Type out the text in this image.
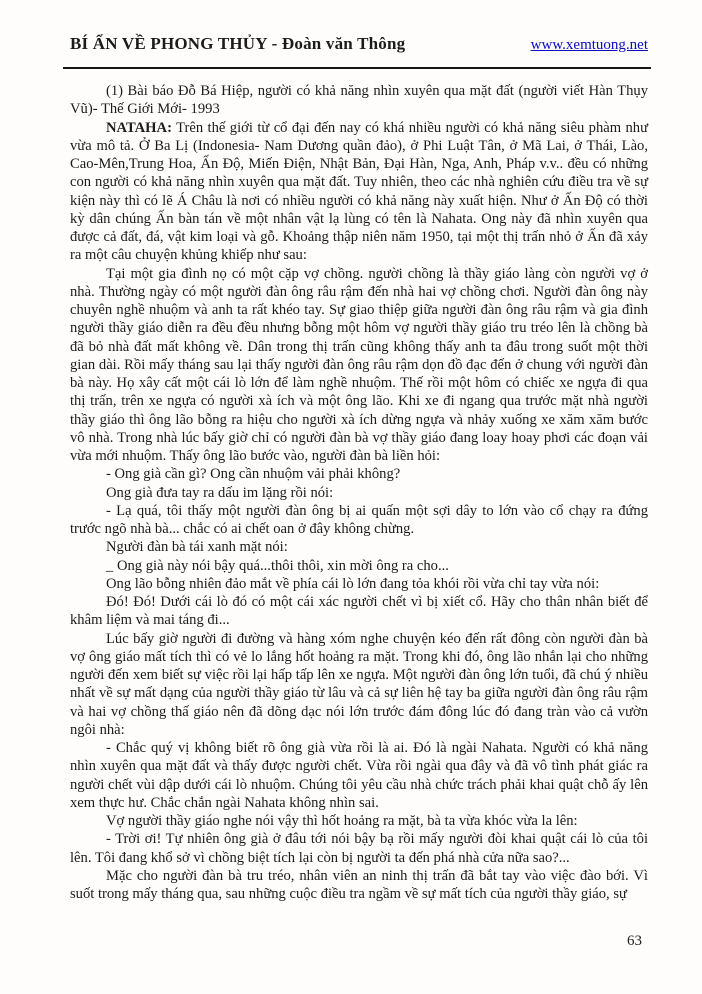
BÍ ẨN VỀ PHONG THỦY - Đoàn văn Thông	www.xemtuong.net

(1) Bài báo Đỗ Bá Hiệp, người có khả năng nhìn xuyên qua mặt đất (người viết Hàn Thụy Vũ)- Thế Giới Mới- 1993

NATAHA: Trên thế giới từ cổ đại đến nay có khá nhiều người có khả năng siêu phàm như vừa mô tả. Ở Ba Lị (Indonesia- Nam Dương quần đảo), ở Phi Luật Tân, ở Mã Lai, ở Thái, Lào, Cao-Mên,Trung Hoa, Ấn Độ, Miến Điện, Nhật Bản, Đại Hàn, Nga, Anh, Pháp v.v.. đều có những con người có khả năng nhìn xuyên qua mặt đất. Tuy nhiên, theo các nhà nghiên cứu điều tra về sự kiện này thì có lẽ Á Châu là nơi có nhiều người có khả năng này xuất hiện. Như ở Ấn Độ có thời kỳ dân chúng Ấn bàn tán về một nhân vật lạ lùng có tên là Nahata. Ong này đã nhìn xuyên qua được cả đất, đá, vật kim loại và gỗ. Khoảng thập niên năm 1950, tại một thị trấn nhỏ ở Ấn đã xảy ra một câu chuyện khủng khiếp như sau:

Tại một gia đình nọ có một cặp vợ chồng. người chồng là thầy giáo làng còn người vợ ở nhà. Thường ngày có một người đàn ông râu rậm đến nhà hai vợ chồng chơi. Người đàn ông này chuyên nghề nhuộm và anh ta rất khéo tay. Sự giao thiệp giữa người đàn ông râu rậm và gia đình người thầy giáo diễn ra đều đều nhưng bỗng một hôm vợ người thầy giáo tru tréo lên là chồng bà đã bỏ nhà đất mất không về. Dân trong thị trấn cũng không thấy anh ta đâu trong suốt một thời gian dài. Rồi mấy tháng sau lại thấy người đàn ông râu rậm dọn đồ đạc đến ở chung với người đàn bà này. Họ xây cất một cái lò lớn để làm nghề nhuộm. Thế rồi một hôm có chiếc xe ngựa đi qua thị trấn, trên xe ngựa có người xà ích và một ông lão. Khi xe đi ngang qua trước mặt nhà người thầy giáo thì ông lão bỗng ra hiệu cho người xà ích dừng ngựa và nhảy xuống xe xăm xăm bước vô nhà. Trong nhà lúc bấy giờ chỉ có người đàn bà vợ thầy giáo đang loay hoay phơi các đoạn vải vừa mới nhuộm. Thấy ông lão bước vào, người đàn bà liền hỏi:

- Ong già cần gì? Ong cần nhuộm vải phải không?

Ong già đưa tay ra dấu im lặng rồi nói:

- Lạ quá, tôi thấy một người đàn ông bị ai quấn một sợi dây to lớn vào cổ chạy ra đứng trước ngõ nhà bà... chắc có ai chết oan ở đây không chừng.

Người đàn bà tái xanh mặt nói:

_ Ong già này nói bậy quá...thôi thôi, xin mời ông ra cho...

Ong lão bỗng nhiên đảo mắt về phía cái lò lớn đang tỏa khói rồi vừa chỉ tay vừa nói:

Đó! Đó! Dưới cái lò đó có một cái xác người chết vì bị xiết cổ. Hãy cho thân nhân biết để khâm liệm và mai táng đi...

Lúc bấy giờ người đi đường và hàng xóm nghe chuyện kéo đến rất đông còn người đàn bà vợ ông giáo mất tích thì có vẻ lo lắng hốt hoảng ra mặt. Trong khi đó, ông lão nhắn lại cho những người đến xem biết sự việc rồi lại hấp tấp lên xe ngựa. Một người đàn ông lớn tuổi, đã chú ý nhiều nhất về sự mất dạng của người thầy giáo từ lâu và cả sự liên hệ tay ba giữa người đàn ông râu rậm và hai vợ chồng thấ giáo nên đã dõng dạc nói lớn trước đám đông lúc đó đang tràn vào cả vườn ngôi nhà:

- Chắc quý vị không biết rõ ông già vừa rồi là ai. Đó là ngài Nahata. Người có khả năng nhìn xuyên qua mặt đất và thấy được người chết. Vừa rồi ngài qua đây và đã vô tình phát giác ra người chết vùi dập dưới cái lò nhuộm. Chúng tôi yêu cầu nhà chức trách phải khai quật chỗ ấy lên xem thực hư. Chắc chắn ngài Nahata không nhìn sai.

Vợ người thầy giáo nghe nói vậy thì hốt hoảng ra mặt, bà ta vừa khóc vừa la lên:

- Trời ơi! Tự nhiên ông già ở đâu tới nói bậy bạ rồi mấy người đòi khai quật cái lò của tôi lên. Tôi đang khổ sở vì chồng biệt tích lại còn bị người ta đến phá nhà cửa nữa sao?...

Mặc cho người đàn bà tru tréo, nhân viên an ninh thị trấn đã bắt tay vào việc đào bới. Vì suốt trong mấy tháng qua, sau những cuộc điều tra ngầm về sự mất tích của người thầy giáo, sự

63
